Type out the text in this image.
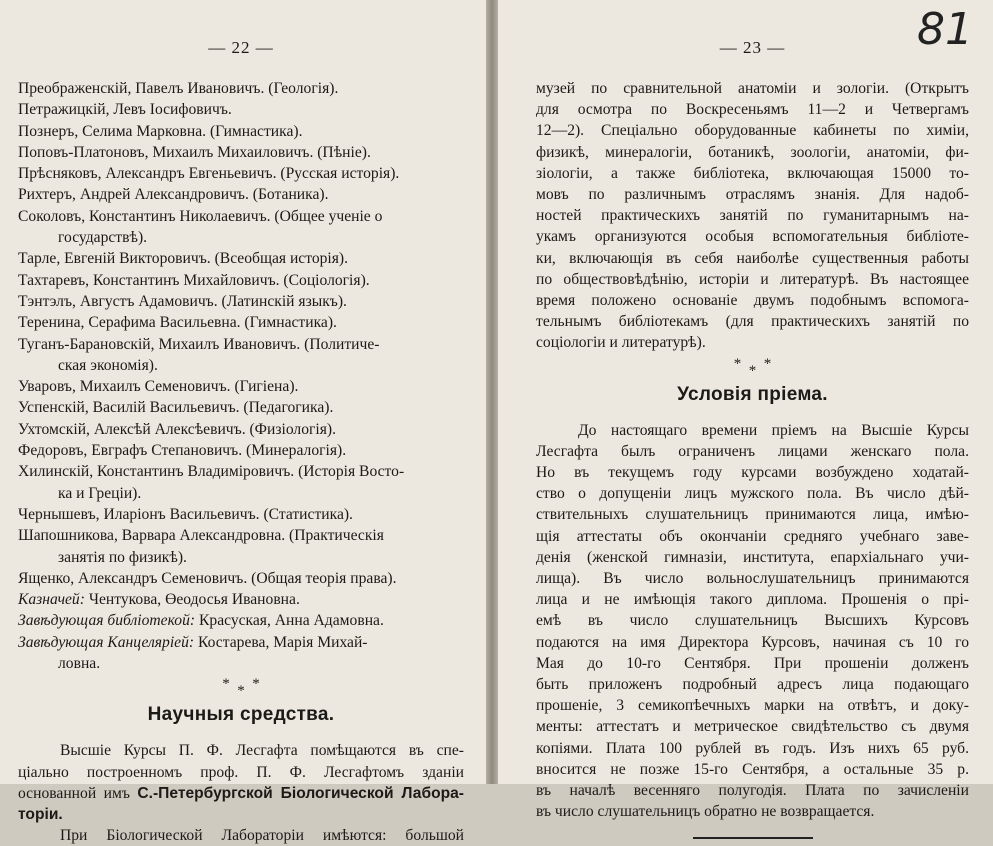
— 22 —
Преображенскій, Павелъ Ивановичъ. (Геологія).
Петражицкій, Левъ Іосифовичъ.
Познеръ, Селима Марковна. (Гимнастика).
Поповъ-Платоновъ, Михаилъ Михаиловичъ. (Пѣніе).
Прѣсняковъ, Александръ Евгеньевичъ. (Русская исторія).
Рихтеръ, Андрей Александровичъ. (Ботаника).
Соколовъ, Константинъ Николаевичъ. (Общее ученіе о
государствѣ).
Тарле, Евгеній Викторовичъ. (Всеобщая исторія).
Тахтаревъ, Константинъ Михайловичъ. (Соціологія).
Тэнтэлъ, Августъ Адамовичъ. (Латинскій языкъ).
Теренина, Серафима Васильевна. (Гимнастика).
Туганъ-Барановскій, Михаилъ Ивановичъ. (Политиче-
ская экономія).
Уваровъ, Михаилъ Семеновичъ. (Гигіена).
Успенскій, Василій Васильевичъ. (Педагогика).
Ухтомскій, Алексѣй Алексѣевичъ. (Физіологія).
Федоровъ, Евграфъ Степановичъ. (Минералогія).
Хилинскій, Константинъ Владиміровичъ. (Исторія Восто-
ка и Греціи).
Чернышевъ, Иларіонъ Васильевичъ. (Статистика).
Шапошникова, Варвара Александровна. (Практическія
занятія по физикѣ).
Ященко, Александръ Семеновичъ. (Общая теорія права).
Казначей: Чентукова, Өеодосья Ивановна.
Завѣдующая библіотекой: Красуская, Анна Адамовна.
Завѣдующая Канцеляріей: Костарева, Марія Михай-
ловна.
* * *
Научныя средства.
Высшіе Курсы П. Ф. Лесгафта помѣщаются въ спе-
ціально построенномъ проф. П. Ф. Лесгафтомъ зданіи
основанной имъ С.-Петербургской Біологической Лабора-
торіи.
При Біологической Лабораторіи имѣются: большой
81
— 23 —
музей по сравнительной анатоміи и зологіи. (Открытъ
для осмотра по Воскресеньямъ 11—2 и Четвергамъ
12—2). Спеціально оборудованные кабинеты по химіи,
физикѣ, минералогіи, ботаникѣ, зоологіи, анатоміи, фи-
зіологіи, а также библіотека, включающая 15000 то-
мовъ по различнымъ отраслямъ знанія. Для надоб-
ностей практическихъ занятій по гуманитарнымъ на-
укамъ организуются особыя вспомогательныя библіоте-
ки, включающія въ себя наиболѣе существенныя работы
по обществовѣдѣнію, исторіи и литературѣ. Въ настоящее
время положено основаніе двумъ подобнымъ вспомога-
тельнымъ библіотекамъ (для практическихъ занятій по
соціологіи и литературѣ).
* * *
Условія пріема.
До настоящаго времени пріемъ на Высшіе Курсы
Лесгафта былъ ограниченъ лицами женскаго пола.
Но въ текущемъ году курсами возбуждено ходатай-
ство о допущеніи лицъ мужского пола. Въ число дѣй-
ствительныхъ слушательницъ принимаются лица, имѣю-
щія аттестаты объ окончаніи средняго учебнаго заве-
денія (женской гимназіи, института, епархіальнаго учи-
лища). Въ число вольнослушательницъ принимаются
лица и не имѣющія такого диплома. Прошенія о прі-
емѣ въ число слушательницъ Высшихъ Курсовъ
подаются на имя Директора Курсовъ, начиная съ 10 го
Мая до 10-го Сентября. При прошеніи долженъ
быть приложенъ подробный адресъ лица подающаго
прошеніе, 3 семикопѣечныхъ марки на отвѣтъ, и доку-
менты: аттестатъ и метрическое свидѣтельство съ двумя
копіями. Плата 100 рублей въ годъ. Изъ нихъ 65 руб.
вносится не позже 15-го Сентября, а остальные 35 р.
въ началѣ весенняго полугодія. Плата по зачисленіи
въ число слушательницъ обратно не возвращается.
